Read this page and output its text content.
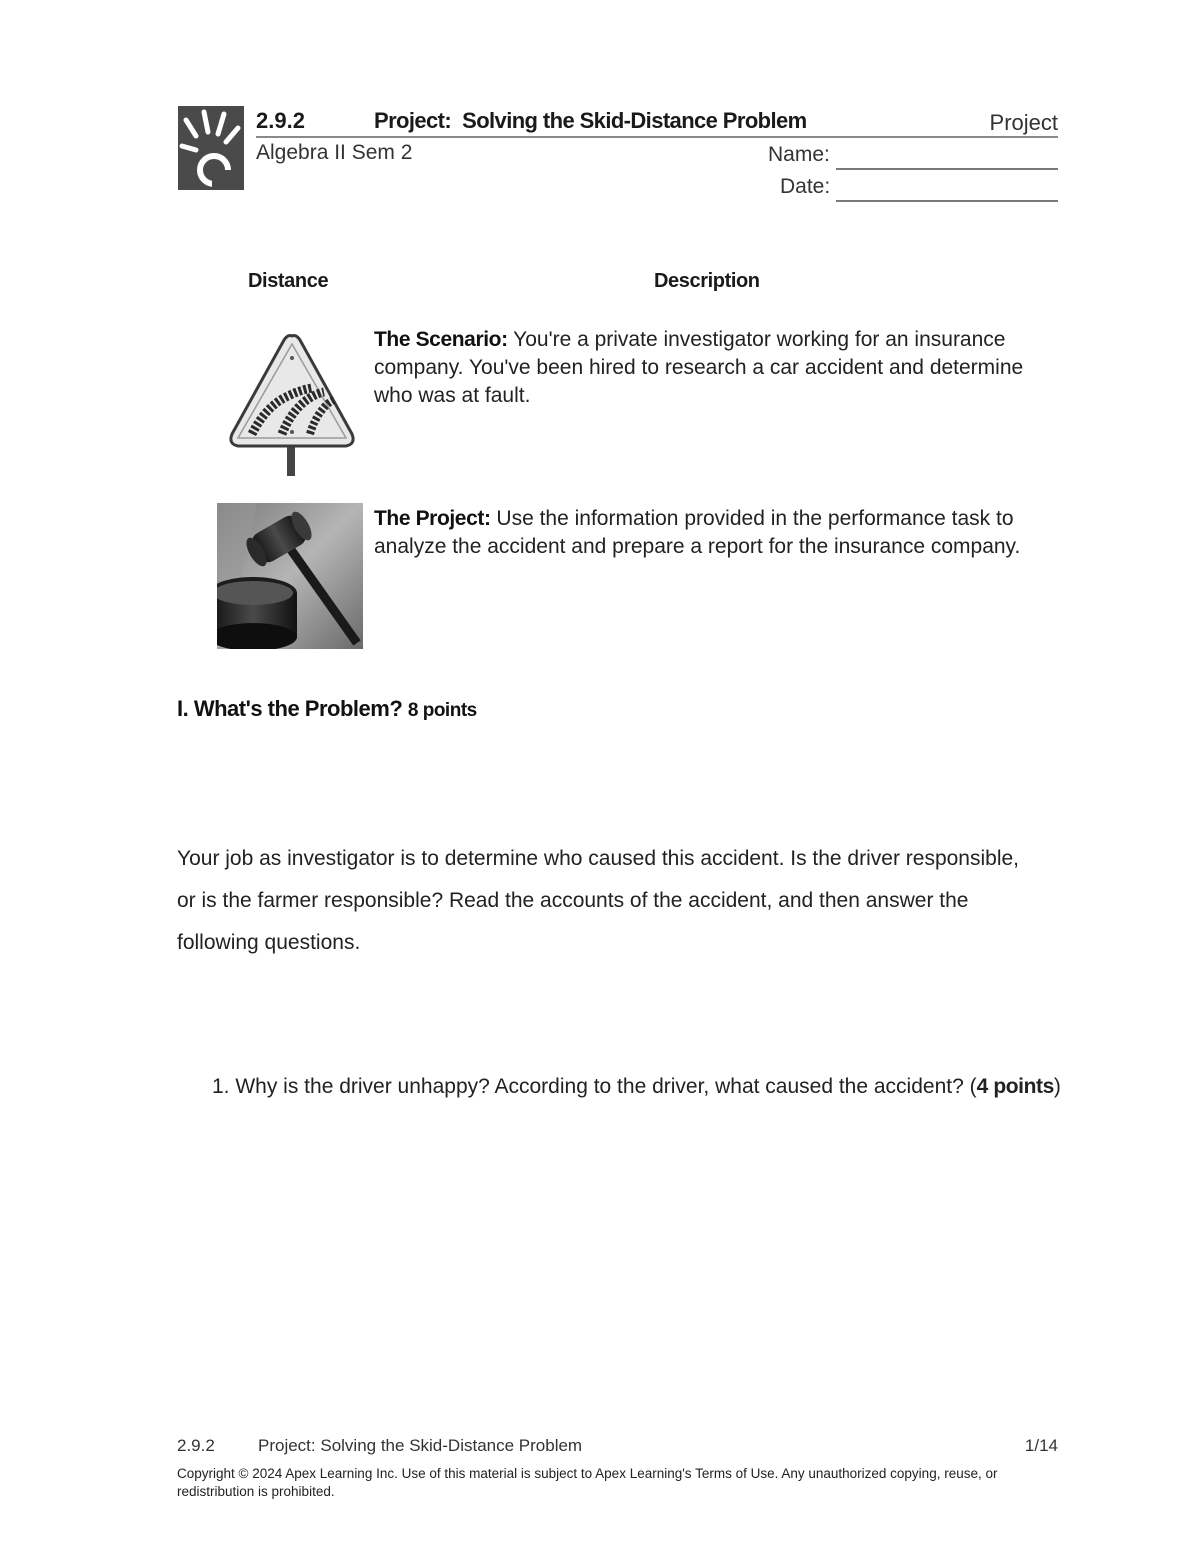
2.9.2	Project:  Solving the Skid-Distance Problem	Project
Algebra II Sem 2	Name:
Date:
Distance	Description
The Scenario: You're a private investigator working for an insurance company. You've been hired to research a car accident and determine who was at fault.
The Project: Use the information provided in the performance task to analyze the accident and prepare a report for the insurance company.
I. What's the Problem? 8 points
Your job as investigator is to determine who caused this accident. Is the driver responsible, or is the farmer responsible? Read the accounts of the accident, and then answer the following questions.
1. Why is the driver unhappy? According to the driver, what caused the accident? (4 points)
2.9.2	Project: Solving the Skid-Distance Problem	1/14
Copyright © 2024 Apex Learning Inc. Use of this material is subject to Apex Learning's Terms of Use. Any unauthorized copying, reuse, or redistribution is prohibited.
